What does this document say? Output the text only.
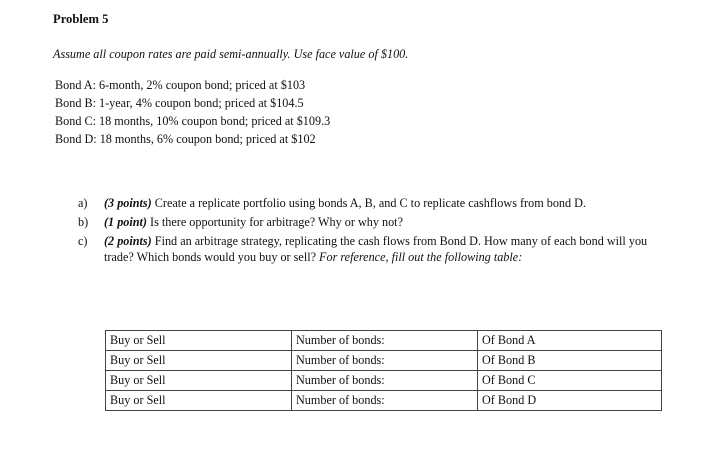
Problem 5
Assume all coupon rates are paid semi-annually. Use face value of $100.
Bond A: 6-month, 2% coupon bond; priced at $103
Bond B: 1-year, 4% coupon bond; priced at $104.5
Bond C: 18 months, 10% coupon bond; priced at $109.3
Bond D: 18 months, 6% coupon bond; priced at $102
a)	(3 points) Create a replicate portfolio using bonds A, B, and C to replicate cashflows from bond D.
b)	(1 point) Is there opportunity for arbitrage? Why or why not?
c)	(2 points) Find an arbitrage strategy, replicating the cash flows from Bond D. How many of each bond will you trade? Which bonds would you buy or sell? For reference, fill out the following table:
Buy or Sell	Number of bonds:	Of Bond A
Buy or Sell	Number of bonds:	Of Bond B
Buy or Sell	Number of bonds:	Of Bond C
Buy or Sell	Number of bonds:	Of Bond D
